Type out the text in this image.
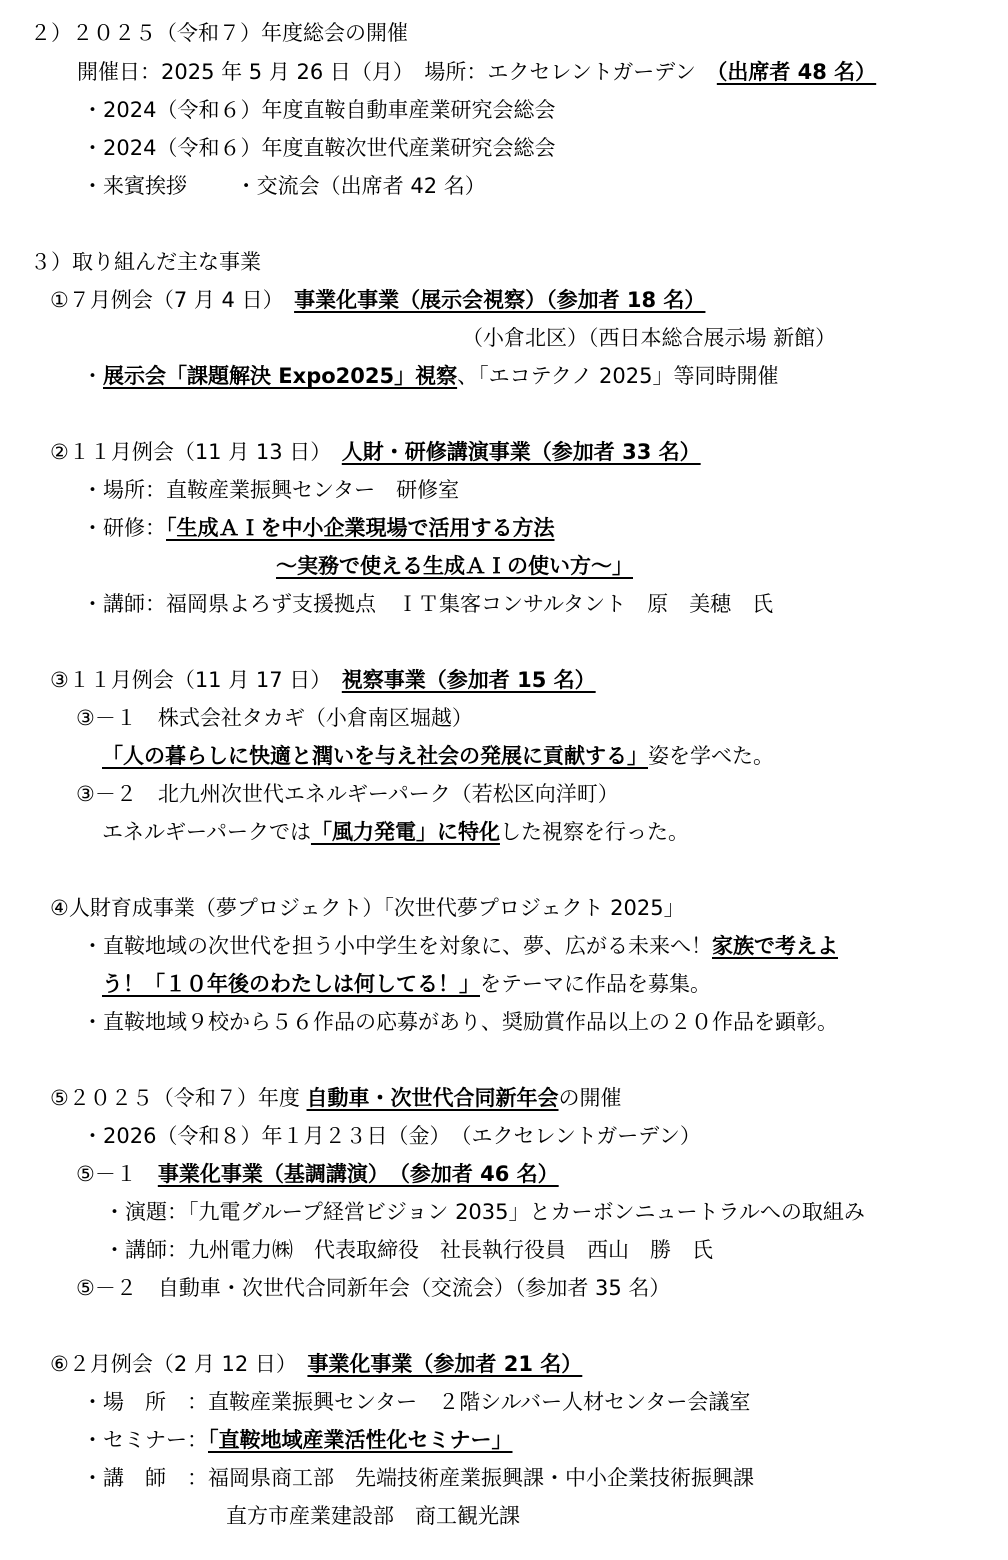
２）２０２５（令和７）年度総会の開催
開催日：2025 年 5 月 26 日（月）　場所：エクセレントガーデン　（出席者 48 名）
・2024（令和６）年度直鞍自動車産業研究会総会
・2024（令和６）年度直鞍次世代産業研究会総会
・来賓挨拶　　 ・交流会（出席者 42 名）
３）取り組んだ主な事業
①７月例会（7 月 4 日）　事業化事業（展示会視察）（参加者 18 名）
（小倉北区）（西日本総合展示場 新館）
・展示会「課題解決 Expo2025」視察、「エコテクノ 2025」等同時開催
②１１月例会（11 月 13 日）　人財・研修講演事業（参加者 33 名）
・場所：直鞍産業振興センター　研修室
・研修：「生成ＡＩを中小企業現場で活用する方法
～実務で使える生成ＡＩの使い方～」
・講師：福岡県よろず支援拠点　ＩＴ集客コンサルタント　原　美穂　氏
③１１月例会（11 月 17 日）　視察事業（参加者 15 名）
③－１　株式会社タカギ（小倉南区堀越）
「人の暮らしに快適と潤いを与え社会の発展に貢献する」姿を学べた。
③－２　北九州次世代エネルギーパーク（若松区向洋町）
エネルギーパークでは「風力発電」に特化した視察を行った。
④人財育成事業（夢プロジェクト）「次世代夢プロジェクト 2025」
・直鞍地域の次世代を担う小中学生を対象に、夢、広がる未来へ！家族で考えよ
う！「１０年後のわたしは何してる！」をテーマに作品を募集。
・直鞍地域９校から５６作品の応募があり、奨励賞作品以上の２０作品を顕彰。
⑤２０２５（令和７）年度 自動車・次世代合同新年会の開催
・2026（令和８）年１月２３日（金）　（エクセレントガーデン）
⑤－１　事業化事業（基調講演）　（参加者 46 名）
・演題：「九電グループ経営ビジョン 2035」とカーボンニュートラルへの取組み
・講師：九州電力㈱　代表取締役　社長執行役員　西山　勝　氏
⑤－２　自動車・次世代合同新年会（交流会）（参加者 35 名）
⑥２月例会（2 月 12 日）　事業化事業（参加者 21 名）
・場　所　：直鞍産業振興センター　２階シルバー人材センター会議室
・セミナー：「直鞍地域産業活性化セミナー」
・講　師　：福岡県商工部　先端技術産業振興課・中小企業技術振興課
直方市産業建設部　商工観光課
